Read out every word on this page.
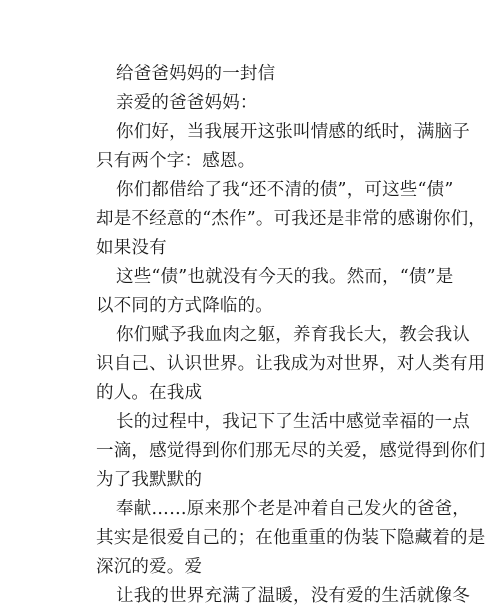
给爸爸妈妈的一封信
亲爱的爸爸妈妈：
你们好，当我展开这张叫情感的纸时，满脑子
只有两个字：感恩。
你们都借给了我“还不清的债”，可这些“债”
却是不经意的“杰作”。可我还是非常的感谢你们，
如果没有
这些“债”也就没有今天的我。然而，“债”是
以不同的方式降临的。
你们赋予我血肉之躯，养育我长大，教会我认
识自己、认识世界。让我成为对世界，对人类有用
的人。在我成
长的过程中，我记下了生活中感觉幸福的一点
一滴，感觉得到你们那无尽的关爱，感觉得到你们
为了我默默的
奉献……原来那个老是冲着自己发火的爸爸，
其实是很爱自己的；在他重重的伪装下隐藏着的是
深沉的爱。爱
让我的世界充满了温暖，没有爱的生活就像冬
